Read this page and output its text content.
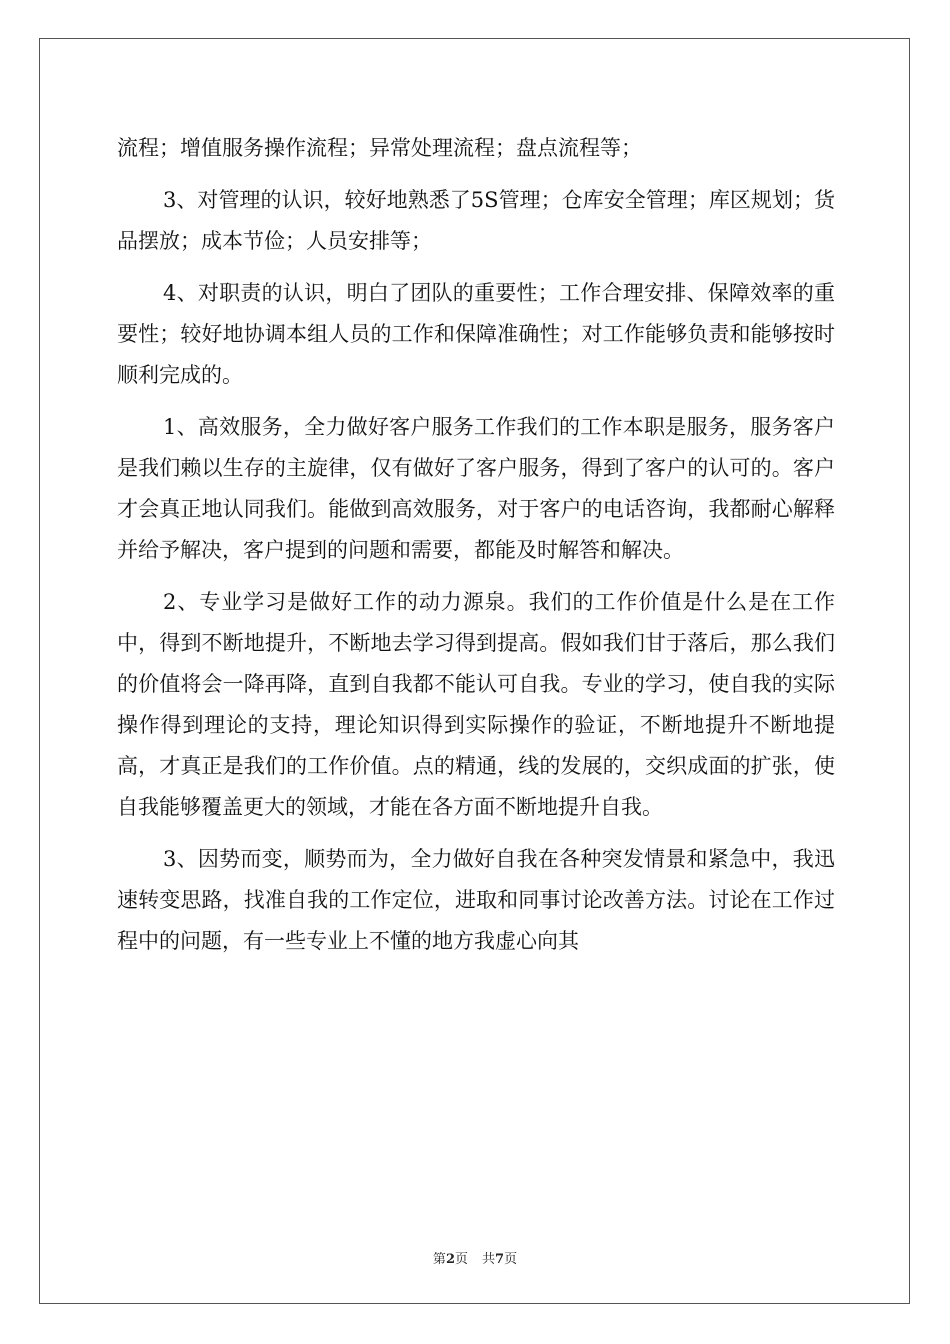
流程；增值服务操作流程；异常处理流程；盘点流程等；

3、对管理的认识，较好地熟悉了5S管理；仓库安全管理；库区规划；货品摆放；成本节俭；人员安排等；

4、对职责的认识，明白了团队的重要性；工作合理安排、保障效率的重要性；较好地协调本组人员的工作和保障准确性；对工作能够负责和能够按时顺利完成的。

1、高效服务，全力做好客户服务工作我们的工作本职是服务，服务客户是我们赖以生存的主旋律，仅有做好了客户服务，得到了客户的认可的。客户才会真正地认同我们。能做到高效服务，对于客户的电话咨询，我都耐心解释并给予解决，客户提到的问题和需要，都能及时解答和解决。

2、专业学习是做好工作的动力源泉。我们的工作价值是什么是在工作中，得到不断地提升，不断地去学习得到提高。假如我们甘于落后，那么我们的价值将会一降再降，直到自我都不能认可自我。专业的学习，使自我的实际操作得到理论的支持，理论知识得到实际操作的验证，不断地提升不断地提高，才真正是我们的工作价值。点的精通，线的发展的，交织成面的扩张，使自我能够覆盖更大的领域，才能在各方面不断地提升自我。

3、因势而变，顺势而为，全力做好自我在各种突发情景和紧急中，我迅速转变思路，找准自我的工作定位，进取和同事讨论改善方法。讨论在工作过程中的问题，有一些专业上不懂的地方我虚心向其

第2页 共7页
